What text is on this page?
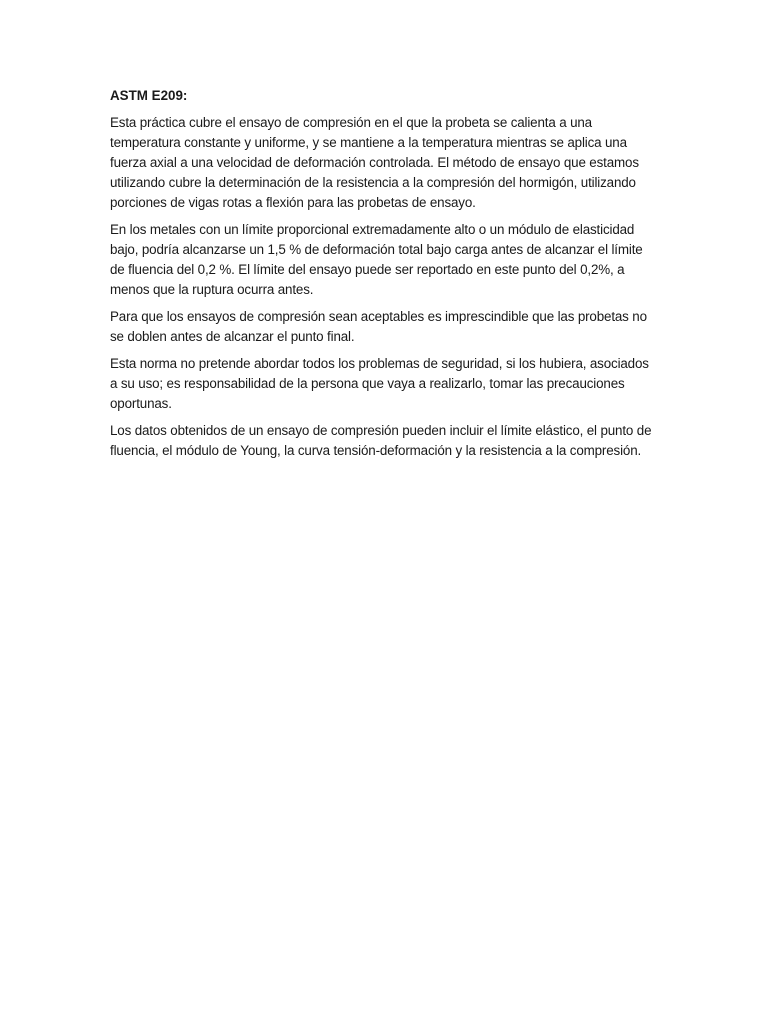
ASTM E209:

Esta práctica cubre el ensayo de compresión en el que la probeta se calienta a una temperatura constante y uniforme, y se mantiene a la temperatura mientras se aplica una fuerza axial a una velocidad de deformación controlada. El método de ensayo que estamos utilizando cubre la determinación de la resistencia a la compresión del hormigón, utilizando porciones de vigas rotas a flexión para las probetas de ensayo.

En los metales con un límite proporcional extremadamente alto o un módulo de elasticidad bajo, podría alcanzarse un 1,5 % de deformación total bajo carga antes de alcanzar el límite de fluencia del 0,2 %. El límite del ensayo puede ser reportado en este punto del 0,2%, a menos que la ruptura ocurra antes.

Para que los ensayos de compresión sean aceptables es imprescindible que las probetas no se doblen antes de alcanzar el punto final.

Esta norma no pretende abordar todos los problemas de seguridad, si los hubiera, asociados a su uso; es responsabilidad de la persona que vaya a realizarlo, tomar las precauciones oportunas.

Los datos obtenidos de un ensayo de compresión pueden incluir el límite elástico, el punto de fluencia, el módulo de Young, la curva tensión-deformación y la resistencia a la compresión.
